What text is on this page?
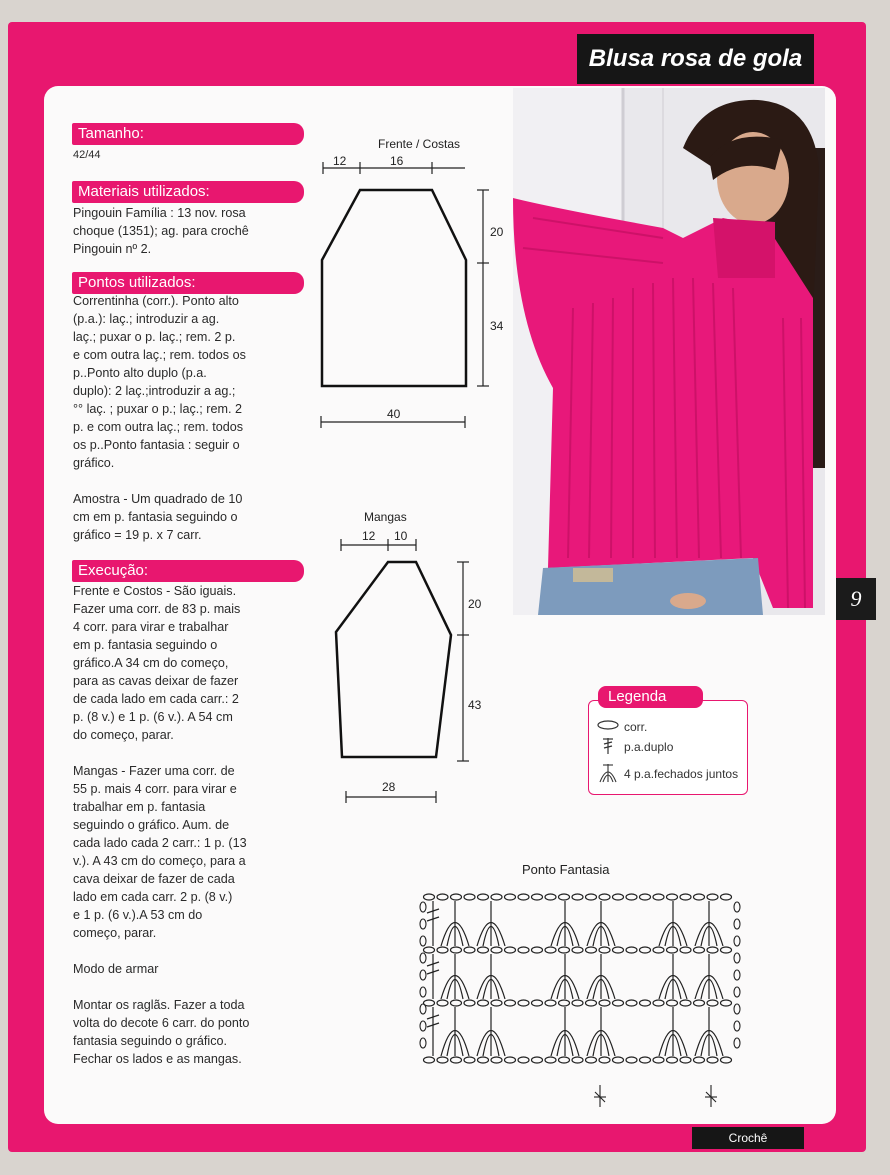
Blusa rosa de gola
9
Crochê
Tamanho:
42/44
Materiais utilizados:
Pingouin Família : 13 nov. rosa
choque (1351); ag. para crochê
Pingouin nº 2.
Pontos utilizados:
Correntinha (corr.). Ponto alto
(p.a.): laç.; introduzir a ag.
laç.; puxar o p. laç.; rem. 2 p.
e com outra laç.; rem. todos os
p..Ponto alto duplo (p.a.
duplo): 2 laç.;introduzir a ag.;
°° laç. ; puxar o p.; laç.; rem. 2
p. e com outra laç.; rem. todos
os p..Ponto fantasia : seguir o
gráfico.

Amostra - Um quadrado de 10
cm em p. fantasia seguindo o
gráfico = 19 p. x 7 carr.
Execução:
Frente e Costos - São iguais.
Fazer uma corr. de 83 p. mais
4 corr. para virar e trabalhar
em p. fantasia seguindo o
gráfico.A 34 cm do começo,
para as cavas deixar de fazer
de cada lado em cada carr.: 2
p. (8 v.) e 1 p. (6 v.). A 54 cm
do começo, parar.

Mangas - Fazer uma corr. de
55 p. mais 4 corr. para virar e
trabalhar em p. fantasia
seguindo o gráfico. Aum. de
cada lado cada 2 carr.: 1 p. (13
v.). A 43 cm do começo, para a
cava deixar de fazer de cada
lado em cada carr. 2 p. (8 v.)
e 1 p. (6 v.).A 53 cm do
começo, parar.

Modo de armar

Montar os raglãs. Fazer a toda
volta do decote 6 carr. do ponto
fantasia seguindo o gráfico.
Fechar os lados e as mangas.
Frente / Costas
12	16
20
34
40
Mangas
12 10
20
43
28
Legenda
corr.
p.a.duplo
4 p.a.fechados juntos
Ponto Fantasia
